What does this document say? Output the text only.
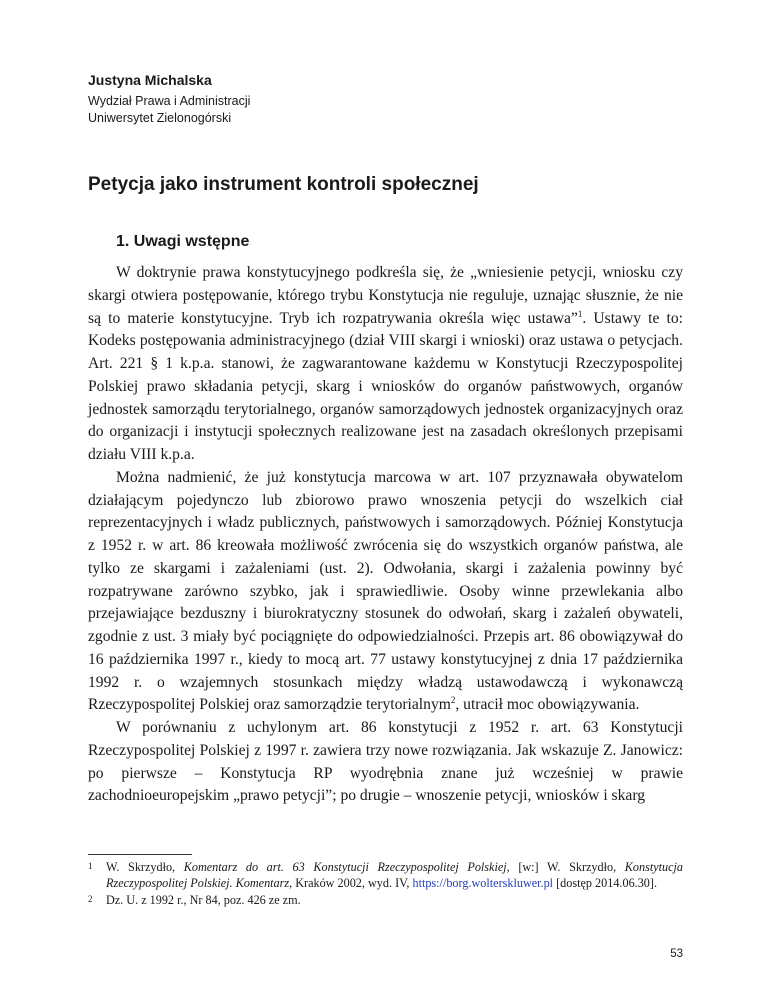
Justyna Michalska

Wydział Prawa i Administracji

Uniwersytet Zielonogórski

Petycja jako instrument kontroli społecznej
1. Uwagi wstępne

W doktrynie prawa konstytucyjnego podkreśla się, że „wniesienie petycji, wniosku czy skargi otwiera postępowanie, którego trybu Konstytucja nie reguluje, uznając słusznie, że nie są to materie konstytucyjne. Tryb ich rozpatrywania określa więc ustawa”$^1$. Ustawy te to: Kodeks postępowania administracyjnego (dział VIII skargi i wnioski) oraz ustawa o petycjach. Art. 221 § 1 k.p.a. stanowi, że zagwarantowane każdemu w Konstytucji Rzeczypospolitej Polskiej prawo składania petycji, skarg i wniosków do organów państwowych, organów jednostek samorządu terytorialnego, organów samorządowych jednostek organizacyjnych oraz do organizacji i instytucji społecznych realizowane jest na zasadach określonych przepisami działu VIII k.p.a.

Można nadmienić, że już konstytucja marcowa w art. 107 przyznawała obywatelom działającym pojedynczo lub zbiorowo prawo wnoszenia petycji do wszelkich ciał reprezentacyjnych i władz publicznych, państwowych i samorządowych. Później Konstytucja z 1952 r. w art. 86 kreowała możliwość zwrócenia się do wszystkich organów państwa, ale tylko ze skargami i zażaleniami (ust. 2). Odwołania, skargi i zażalenia powinny być rozpatrywane zarówno szybko, jak i sprawiedliwie. Osoby winne przewlekania albo przejawiające bezduszny i biurokratyczny stosunek do odwołań, skarg i zażaleń obywateli, zgodnie z ust. 3 miały być pociągnięte do odpowiedzialności. Przepis art. 86 obowiązywał do 16 października 1997 r., kiedy to mocą art. 77 ustawy konstytucyjnej z dnia 17 października 1992 r. o wzajemnych stosunkach między władzą ustawodawczą i wykonawczą Rzeczypospolitej Polskiej oraz samorządzie terytorialnym$^2$, utracił moc obowiązywania.

W porównaniu z uchylonym art. 86 konstytucji z 1952 r. art. 63 Konstytucji Rzeczypospolitej Polskiej z 1997 r. zawiera trzy nowe rozwiązania. Jak wskazuje Z. Janowicz: po pierwsze – Konstytucja RP wyodrębnia znane już wcześniej w prawie zachodnioeuropejskim „prawo petycji”; po drugie – wnoszenie petycji, wniosków i skarg

1	W. Skrzydło, Komentarz do art. 63 Konstytucji Rzeczypospolitej Polskiej, [w:] W. Skrzydło, Konstytucja Rzeczypospolitej Polskiej. Komentarz, Kraków 2002, wyd. IV, https://borg.wolterskluwer.pl [dostęp 2014.06.30].
2	Dz. U. z 1992 r., Nr 84, poz. 426 ze zm.
53
